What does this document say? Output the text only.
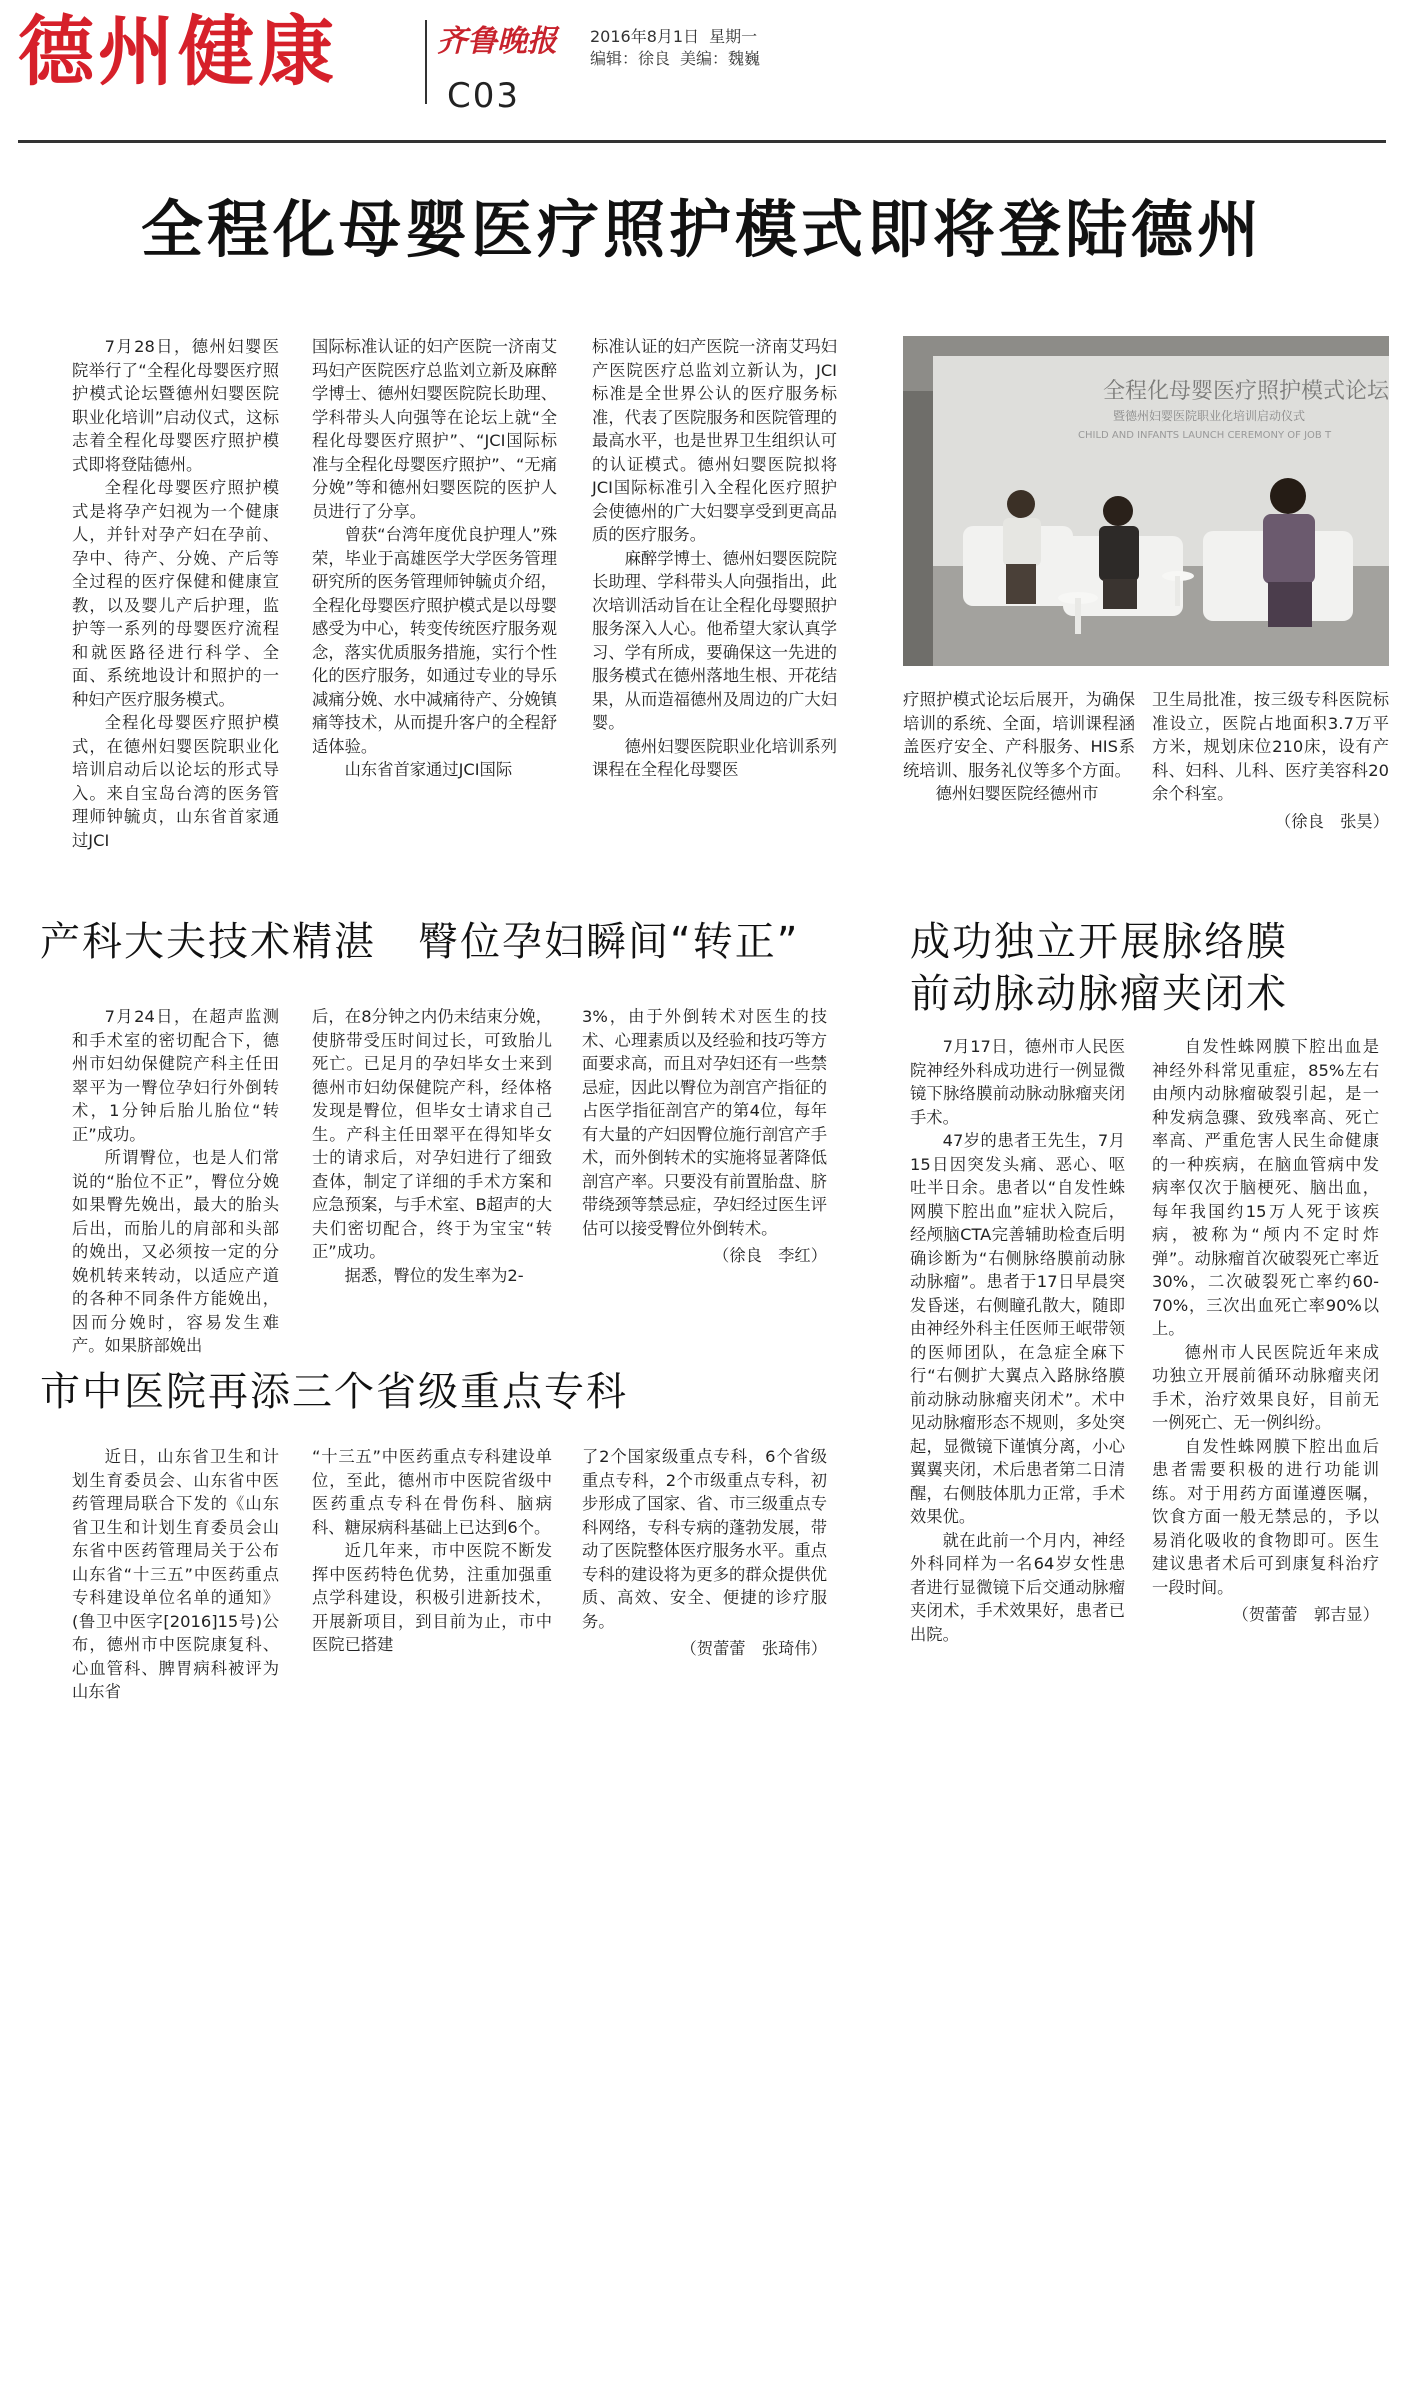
德州健康	齐鲁晚报 2016年8月1日 星期一
编辑：徐良 美编：魏巍
C03
全程化母婴医疗照护模式即将登陆德州

7月28日，德州妇婴医院举行了“全程化母婴医疗照护模式论坛暨德州妇婴医院职业化培训”启动仪式，这标志着全程化母婴医疗照护模式即将登陆德州。

全程化母婴医疗照护模式是将孕产妇视为一个健康人，并针对孕产妇在孕前、孕中、待产、分娩、产后等全过程的医疗保健和健康宣教，以及婴儿产后护理，监护等一系列的母婴医疗流程和就医路径进行科学、全面、系统地设计和照护的一种妇产医疗服务模式。

全程化母婴医疗照护模式，在德州妇婴医院职业化培训启动后以论坛的形式导入。来自宝岛台湾的医务管理师钟毓贞，山东省首家通过JCI

国际标准认证的妇产医院一济南艾玛妇产医院医疗总监刘立新及麻醉学博士、德州妇婴医院院长助理、学科带头人向强等在论坛上就“全程化母婴医疗照护”、“JCI国际标准与全程化母婴医疗照护”、“无痛分娩”等和德州妇婴医院的医护人员进行了分享。

曾获“台湾年度优良护理人”殊荣，毕业于高雄医学大学医务管理研究所的医务管理师钟毓贞介绍，全程化母婴医疗照护模式是以母婴感受为中心，转变传统医疗服务观念，落实优质服务措施，实行个性化的医疗服务，如通过专业的导乐减痛分娩、水中减痛待产、分娩镇痛等技术，从而提升客户的全程舒适体验。

山东省首家通过JCI国际

标准认证的妇产医院一济南艾玛妇产医院医疗总监刘立新认为，JCI标准是全世界公认的医疗服务标准，代表了医院服务和医院管理的最高水平，也是世界卫生组织认可的认证模式。德州妇婴医院拟将JCI国际标准引入全程化医疗照护会使德州的广大妇婴享受到更高品质的医疗服务。

麻醉学博士、德州妇婴医院院长助理、学科带头人向强指出，此次培训活动旨在让全程化母婴照护服务深入人心。他希望大家认真学习、学有所成，要确保这一先进的服务模式在德州落地生根、开花结果，从而造福德州及周边的广大妇婴。

德州妇婴医院职业化培训系列课程在全程化母婴医

全程化母婴医疗照护模式论坛
暨德州妇婴医院职业化培训启动仪式
CHILD AND INFANTS LAUNCH CEREMONY OF JOB T

疗照护模式论坛后展开，为确保培训的系统、全面，培训课程涵盖医疗安全、产科服务、HIS系统培训、服务礼仪等多个方面。

德州妇婴医院经德州市

卫生局批准，按三级专科医院标准设立，医院占地面积3.7万平方米，规划床位210床，设有产科、妇科、儿科、医疗美容科20余个科室。

（徐良　张昊）
产科大夫技术精湛　臀位孕妇瞬间“转正”

7月24日，在超声监测和手术室的密切配合下，德州市妇幼保健院产科主任田翠平为一臀位孕妇行外倒转术，1分钟后胎儿胎位“转正”成功。

所谓臀位，也是人们常说的“胎位不正”，臀位分娩如果臀先娩出，最大的胎头后出，而胎儿的肩部和头部的娩出，又必须按一定的分娩机转来转动，以适应产道的各种不同条件方能娩出，因而分娩时，容易发生难产。如果脐部娩出

后，在8分钟之内仍未结束分娩，使脐带受压时间过长，可致胎儿死亡。已足月的孕妇毕女士来到德州市妇幼保健院产科，经体格发现是臀位，但毕女士请求自己生。产科主任田翠平在得知毕女士的请求后，对孕妇进行了细致查体，制定了详细的手术方案和应急预案，与手术室、B超声的大夫们密切配合，终于为宝宝“转正”成功。

据悉，臀位的发生率为2-

3%，由于外倒转术对医生的技术、心理素质以及经验和技巧等方面要求高，而且对孕妇还有一些禁忌症，因此以臀位为剖宫产指征的占医学指征剖宫产的第4位，每年有大量的产妇因臀位施行剖宫产手术，而外倒转术的实施将显著降低剖宫产率。只要没有前置胎盘、脐带绕颈等禁忌症，孕妇经过医生评估可以接受臀位外倒转术。

（徐良　李红）
市中医院再添三个省级重点专科

近日，山东省卫生和计划生育委员会、山东省中医药管理局联合下发的《山东省卫生和计划生育委员会山东省中医药管理局关于公布山东省“十三五”中医药重点专科建设单位名单的通知》(鲁卫中医字[2016]15号)公布，德州市中医院康复科、心血管科、脾胃病科被评为山东省

“十三五”中医药重点专科建设单位，至此，德州市中医院省级中医药重点专科在骨伤科、脑病科、糖尿病科基础上已达到6个。

近几年来，市中医院不断发挥中医药特色优势，注重加强重点学科建设，积极引进新技术，开展新项目，到目前为止，市中医院已搭建

了2个国家级重点专科，6个省级重点专科，2个市级重点专科，初步形成了国家、省、市三级重点专科网络，专科专病的蓬勃发展，带动了医院整体医疗服务水平。重点专科的建设将为更多的群众提供优质、高效、安全、便捷的诊疗服务。

（贺蕾蕾　张琦伟）
成功独立开展脉络膜
前动脉动脉瘤夹闭术

7月17日，德州市人民医院神经外科成功进行一例显微镜下脉络膜前动脉动脉瘤夹闭手术。

47岁的患者王先生，7月15日因突发头痛、恶心、呕吐半日余。患者以“自发性蛛网膜下腔出血”症状入院后，经颅脑CTA完善辅助检查后明确诊断为“右侧脉络膜前动脉动脉瘤”。患者于17日早晨突发昏迷，右侧瞳孔散大，随即由神经外科主任医师王岷带领的医师团队，在急症全麻下行“右侧扩大翼点入路脉络膜前动脉动脉瘤夹闭术”。术中见动脉瘤形态不规则，多处突起，显微镜下谨慎分离，小心翼翼夹闭，术后患者第二日清醒，右侧肢体肌力正常，手术效果优。

就在此前一个月内，神经外科同样为一名64岁女性患者进行显微镜下后交通动脉瘤夹闭术，手术效果好，患者已出院。

自发性蛛网膜下腔出血是神经外科常见重症，85%左右由颅内动脉瘤破裂引起，是一种发病急骤、致残率高、死亡率高、严重危害人民生命健康的一种疾病，在脑血管病中发病率仅次于脑梗死、脑出血，每年我国约15万人死于该疾病，被称为“颅内不定时炸弹”。动脉瘤首次破裂死亡率近30%，二次破裂死亡率约60-70%，三次出血死亡率90%以上。

德州市人民医院近年来成功独立开展前循环动脉瘤夹闭手术，治疗效果良好，目前无一例死亡、无一例纠纷。

自发性蛛网膜下腔出血后患者需要积极的进行功能训练。对于用药方面谨遵医嘱，饮食方面一般无禁忌的，予以易消化吸收的食物即可。医生建议患者术后可到康复科治疗一段时间。

（贺蕾蕾　郭吉显）
